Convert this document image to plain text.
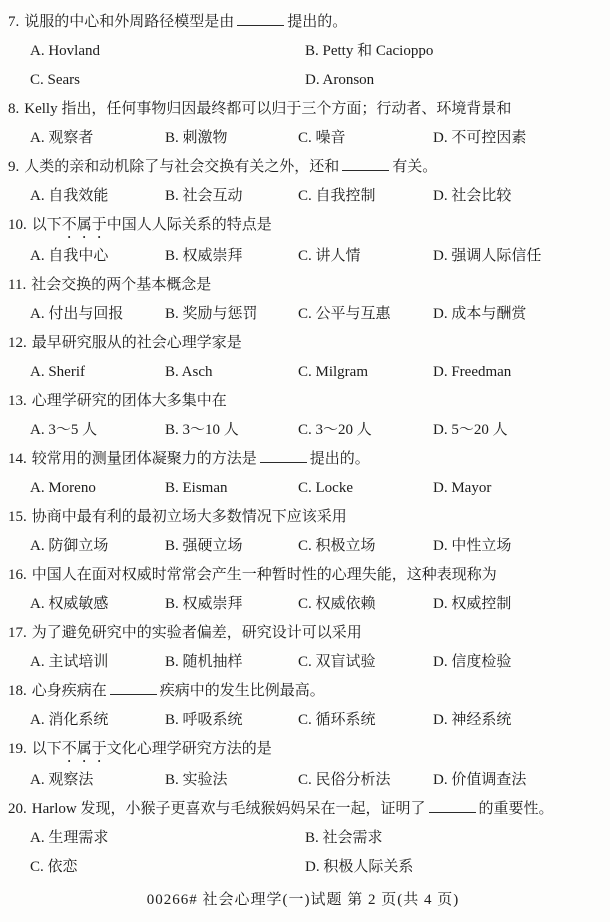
7. 说服的中心和外周路径模型是由	提出的。
A. Hovland	B. Petty 和 Cacioppo
C. Sears	D. Aronson
8. Kelly 指出，任何事物归因最终都可以归于三个方面；行动者、环境背景和
A. 观察者	B. 刺激物	C. 噪音	D. 不可控因素
9. 人类的亲和动机除了与社会交换有关之外，还和	有关。
A. 自我效能	B. 社会互动	C. 自我控制	D. 社会比较
10. 以下不属于中国人人际关系的特点是
A. 自我中心	B. 权威崇拜	C. 讲人情	D. 强调人际信任
11. 社会交换的两个基本概念是
A. 付出与回报	B. 奖励与惩罚	C. 公平与互惠	D. 成本与酬赏
12. 最早研究服从的社会心理学家是
A. Sherif	B. Asch	C. Milgram	D. Freedman
13. 心理学研究的团体大多集中在
A. 3～5 人	B. 3～10 人	C. 3～20 人	D. 5～20 人
14. 较常用的测量团体凝聚力的方法是	提出的。
A. Moreno	B. Eisman	C. Locke	D. Mayor
15. 协商中最有利的最初立场大多数情况下应该采用
A. 防御立场	B. 强硬立场	C. 积极立场	D. 中性立场
16. 中国人在面对权威时常常会产生一种暂时性的心理失能，这种表现称为
A. 权威敏感	B. 权威崇拜	C. 权威依赖	D. 权威控制
17. 为了避免研究中的实验者偏差，研究设计可以采用
A. 主试培训	B. 随机抽样	C. 双盲试验	D. 信度检验
18. 心身疾病在	疾病中的发生比例最高。
A. 消化系统	B. 呼吸系统	C. 循环系统	D. 神经系统
19. 以下不属于文化心理学研究方法的是
A. 观察法	B. 实验法	C. 民俗分析法	D. 价值调查法
20. Harlow 发现，小猴子更喜欢与毛绒猴妈妈呆在一起，证明了	的重要性。
A. 生理需求	B. 社会需求
C. 依恋	D. 积极人际关系
00266# 社会心理学(一)试题 第 2 页(共 4 页)
